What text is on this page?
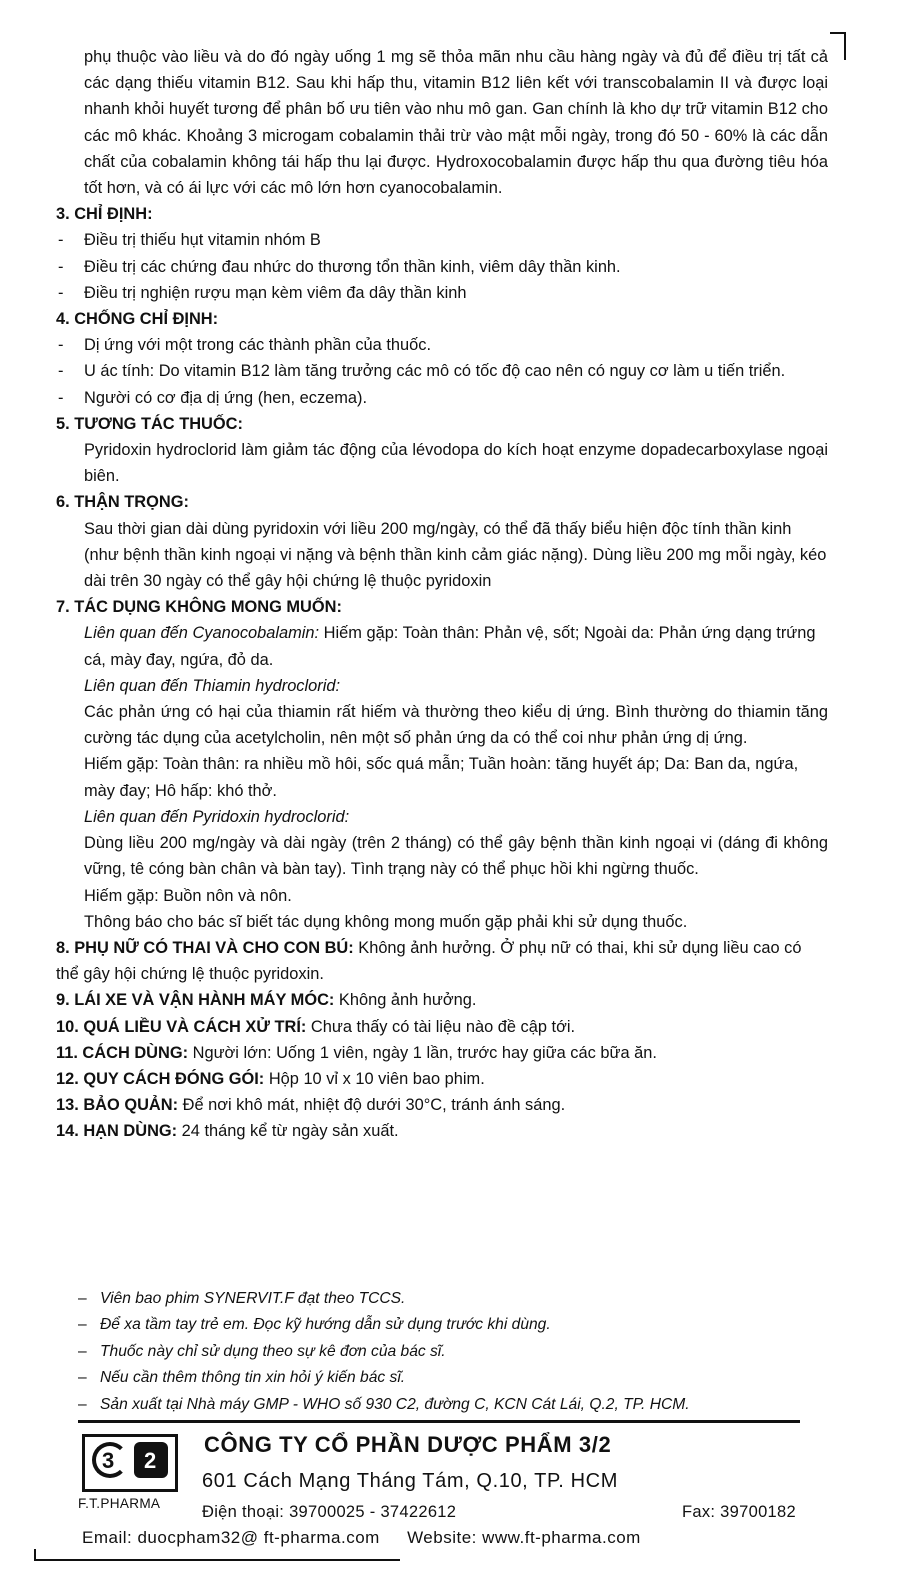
phụ thuộc vào liều và do đó ngày uống 1 mg sẽ thỏa mãn nhu cầu hàng ngày và đủ để điều trị tất cả các dạng thiếu vitamin B12. Sau khi hấp thu, vitamin B12 liên kết với transcobalamin II và được loại nhanh khỏi huyết tương để phân bố ưu tiên vào nhu mô gan. Gan chính là kho dự trữ vitamin B12 cho các mô khác. Khoảng 3 microgam cobalamin thải trừ vào mật mỗi ngày, trong đó 50 - 60% là các dẫn chất của cobalamin không tái hấp thu lại được. Hydroxocobalamin được hấp thu qua đường tiêu hóa tốt hơn, và có ái lực với các mô lớn hơn cyanocobalamin.
3. CHỈ ĐỊNH:
- Điều trị thiếu hụt vitamin nhóm B
- Điều trị các chứng đau nhức do thương tổn thần kinh, viêm dây thần kinh.
- Điều trị nghiện rượu mạn kèm viêm đa dây thần kinh
4. CHỐNG CHỈ ĐỊNH:
- Dị ứng với một trong các thành phần của thuốc.
- U ác tính: Do vitamin B12 làm tăng trưởng các mô có tốc độ cao nên có nguy cơ làm u tiến triển.
- Người có cơ địa dị ứng (hen, eczema).
5. TƯƠNG TÁC THUỐC:
Pyridoxin hydroclorid làm giảm tác động của lévodopa do kích hoạt enzyme dopadecarboxylase ngoại biên.
6. THẬN TRỌNG:
Sau thời gian dài dùng pyridoxin với liều 200 mg/ngày, có thể đã thấy biểu hiện độc tính thần kinh (như bệnh thần kinh ngoại vi nặng và bệnh thần kinh cảm giác nặng). Dùng liều 200 mg mỗi ngày, kéo dài trên 30 ngày có thể gây hội chứng lệ thuộc pyridoxin
7. TÁC DỤNG KHÔNG MONG MUỐN:
Liên quan đến Cyanocobalamin: Hiếm gặp: Toàn thân: Phản vệ, sốt; Ngoài da: Phản ứng dạng trứng cá, mày đay, ngứa, đỏ da.
Liên quan đến Thiamin hydroclorid:
Các phản ứng có hại của thiamin rất hiếm và thường theo kiểu dị ứng. Bình thường do thiamin tăng cường tác dụng của acetylcholin, nên một số phản ứng da có thể coi như phản ứng dị ứng.
Hiếm gặp: Toàn thân: ra nhiều mồ hôi, sốc quá mẫn; Tuần hoàn: tăng huyết áp; Da: Ban da, ngứa, mày đay; Hô hấp: khó thở.
Liên quan đến Pyridoxin hydroclorid:
Dùng liều 200 mg/ngày và dài ngày (trên 2 tháng) có thể gây bệnh thần kinh ngoại vi (dáng đi không vững, tê cóng bàn chân và bàn tay). Tình trạng này có thể phục hồi khi ngừng thuốc.
Hiếm gặp: Buồn nôn và nôn.
Thông báo cho bác sĩ biết tác dụng không mong muốn gặp phải khi sử dụng thuốc.
8. PHỤ NỮ CÓ THAI VÀ CHO CON BÚ: Không ảnh hưởng. Ở phụ nữ có thai, khi sử dụng liều cao có thể gây hội chứng lệ thuộc pyridoxin.
9. LÁI XE VÀ VẬN HÀNH MÁY MÓC: Không ảnh hưởng.
10. QUÁ LIỀU VÀ CÁCH XỬ TRÍ: Chưa thấy có tài liệu nào đề cập tới.
11. CÁCH DÙNG: Người lớn: Uống 1 viên, ngày 1 lần, trước hay giữa các bữa ăn.
12. QUY CÁCH ĐÓNG GÓI: Hộp 10 vỉ x 10 viên bao phim.
13. BẢO QUẢN: Để nơi khô mát, nhiệt độ dưới 30°C, tránh ánh sáng.
14. HẠN DÙNG: 24 tháng kể từ ngày sản xuất.
– Viên bao phim SYNERVIT.F đạt theo TCCS.
– Để xa tầm tay trẻ em. Đọc kỹ hướng dẫn sử dụng trước khi dùng.
– Thuốc này chỉ sử dụng theo sự kê đơn của bác sĩ.
– Nếu cần thêm thông tin xin hỏi ý kiến bác sĩ.
– Sản xuất tại Nhà máy GMP - WHO số 930 C2, đường C, KCN Cát Lái, Q.2, TP. HCM.
3 2
F.T.PHARMA
CÔNG TY CỔ PHẦN DƯỢC PHẨM 3/2
601 Cách Mạng Tháng Tám, Q.10, TP. HCM
Điện thoại: 39700025 - 37422612	Fax: 39700182
Email: duocpham32@ ft-pharma.com Website: www.ft-pharma.com
